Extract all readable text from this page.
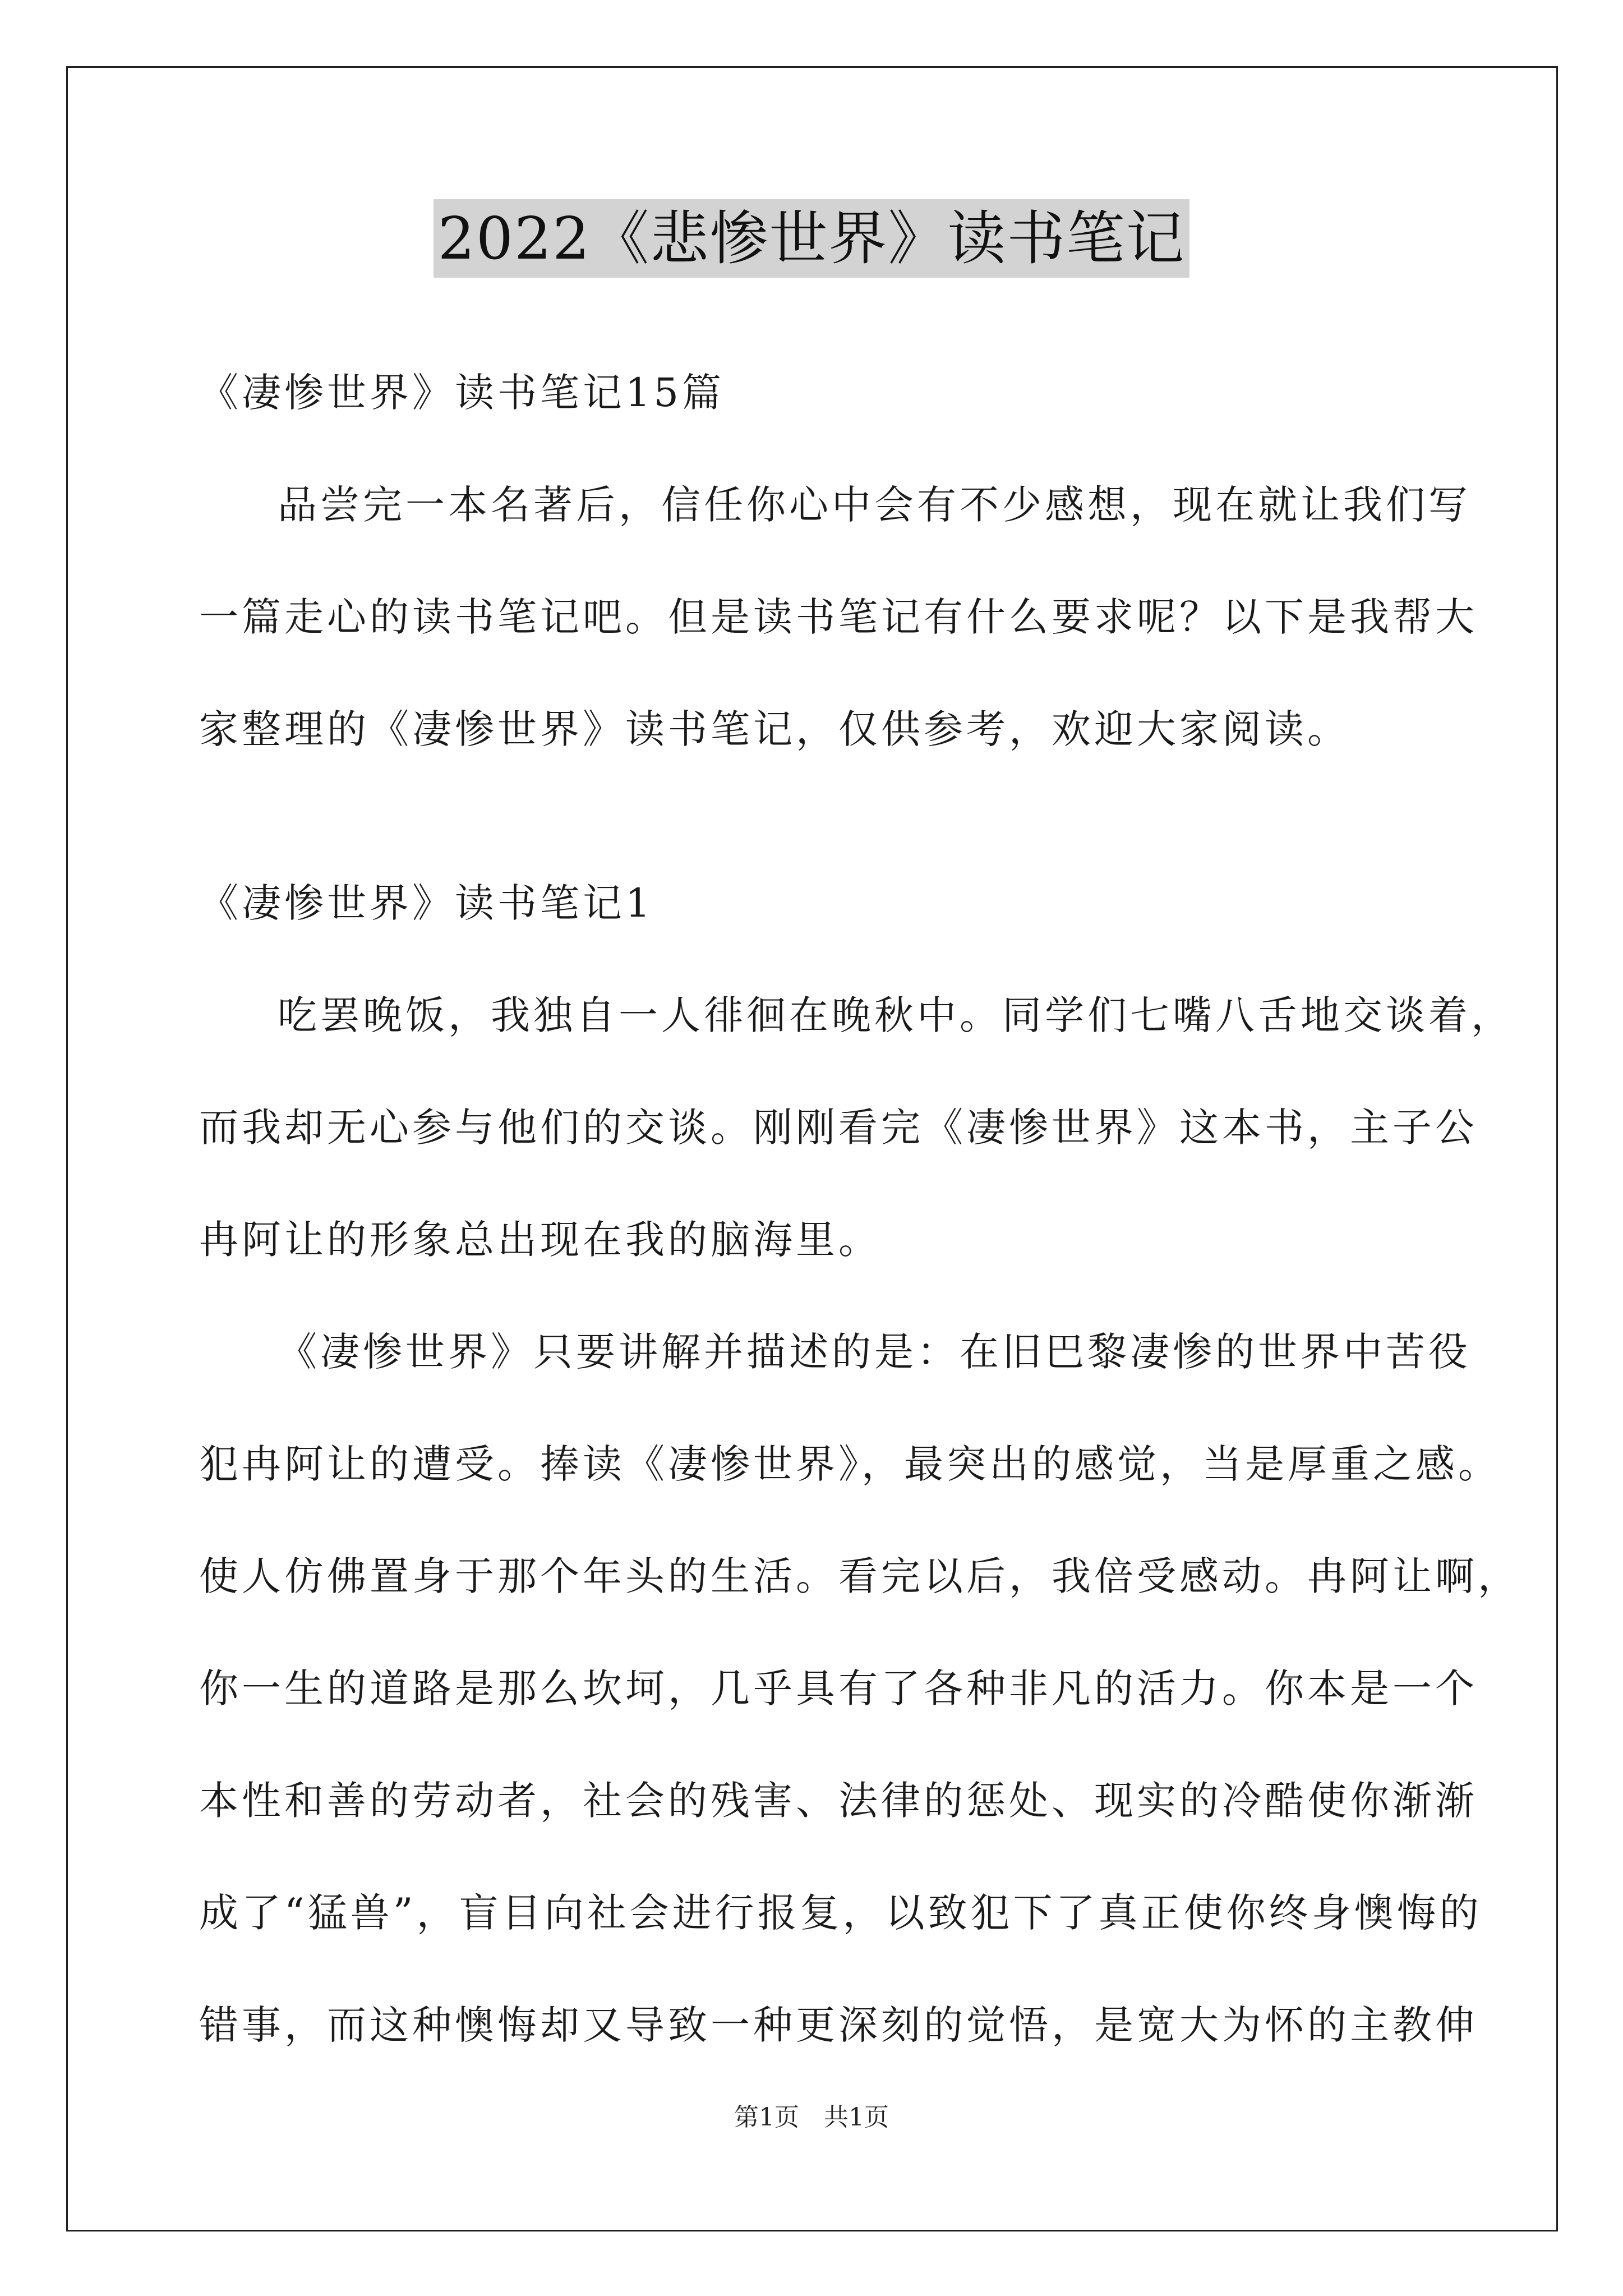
2022《悲惨世界》读书笔记
《凄惨世界》读书笔记15篇
品尝完一本名著后，信任你心中会有不少感想，现在就让我们写
一篇走心的读书笔记吧。但是读书笔记有什么要求呢？以下是我帮大
家整理的《凄惨世界》读书笔记，仅供参考，欢迎大家阅读。
《凄惨世界》读书笔记1
吃罢晚饭，我独自一人徘徊在晚秋中。同学们七嘴八舌地交谈着，
而我却无心参与他们的交谈。刚刚看完《凄惨世界》这本书，主子公
冉阿让的形象总出现在我的脑海里。
《凄惨世界》只要讲解并描述的是：在旧巴黎凄惨的世界中苦役
犯冉阿让的遭受。捧读《凄惨世界》，最突出的感觉，当是厚重之感。
使人仿佛置身于那个年头的生活。看完以后，我倍受感动。冉阿让啊，
你一生的道路是那么坎坷，几乎具有了各种非凡的活力。你本是一个
本性和善的劳动者，社会的残害、法律的惩处、现实的冷酷使你渐渐
成了“猛兽”，盲目向社会进行报复，以致犯下了真正使你终身懊悔的
错事，而这种懊悔却又导致一种更深刻的觉悟，是宽大为怀的主教伸
第1页　共1页
